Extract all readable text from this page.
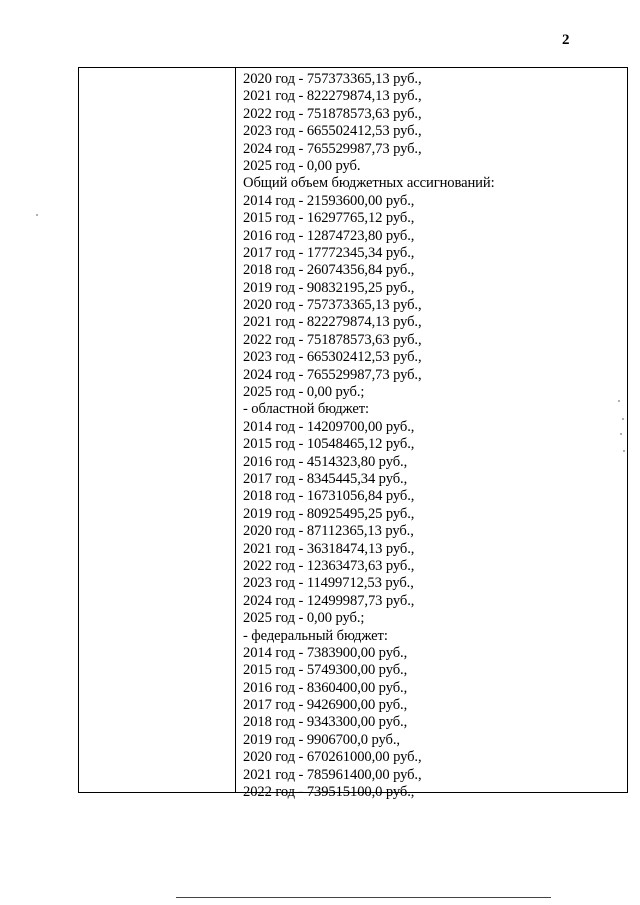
2
2020 год - 757373365,13 руб.,
2021 год - 822279874,13 руб.,
2022 год - 751878573,63 руб.,
2023 год - 665502412,53 руб.,
2024 год - 765529987,73 руб.,
2025 год - 0,00 руб.
Общий объем бюджетных ассигнований:
2014 год - 21593600,00 руб.,
2015 год - 16297765,12 руб.,
2016 год - 12874723,80 руб.,
2017 год - 17772345,34 руб.,
2018 год - 26074356,84 руб.,
2019 год - 90832195,25 руб.,
2020 год - 757373365,13 руб.,
2021 год - 822279874,13 руб.,
2022 год - 751878573,63 руб.,
2023 год - 665302412,53 руб.,
2024 год - 765529987,73 руб.,
2025 год - 0,00 руб.;
- областной бюджет:
2014 год - 14209700,00 руб.,
2015 год - 10548465,12 руб.,
2016 год - 4514323,80 руб.,
2017 год - 8345445,34 руб.,
2018 год - 16731056,84 руб.,
2019 год - 80925495,25 руб.,
2020 год - 87112365,13 руб.,
2021 год - 36318474,13 руб.,
2022 год - 12363473,63 руб.,
2023 год - 11499712,53 руб.,
2024 год - 12499987,73 руб.,
2025 год - 0,00 руб.;
- федеральный бюджет:
2014 год - 7383900,00 руб.,
2015 год - 5749300,00 руб.,
2016 год - 8360400,00 руб.,
2017 год - 9426900,00 руб.,
2018 год - 9343300,00 руб.,
2019 год - 9906700,0 руб.,
2020 год - 670261000,00 руб.,
2021 год - 785961400,00 руб.,
2022 год - 739515100,0 руб.,
